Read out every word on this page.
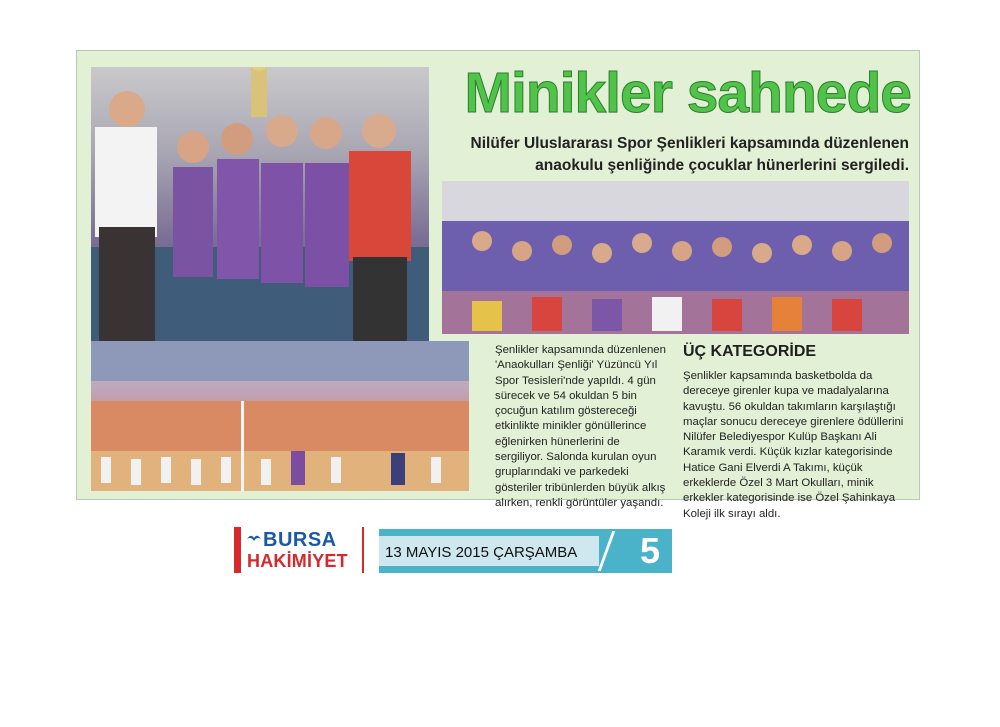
Minikler sahnede
Nilüfer Uluslararası Spor Şenlikleri kapsamında düzenlenen anaokulu şenliğinde çocuklar hünerlerini sergiledi.
Şenlikler kapsamında düzenlenen 'Anaokulları Şenliği' Yüzüncü Yıl Spor Tesisleri'nde yapıldı. 4 gün sürecek ve 54 okuldan 5 bin çocuğun katılım göstereceği etkinlikte minikler gönüllerince eğlenirken hünerlerini de sergiliyor. Salonda kurulan oyun gruplarındaki ve parkedeki gösteriler tribünlerden büyük alkış alırken, renkli görüntüler yaşandı.
ÜÇ KATEGORİDE
Şenlikler kapsamında basketbolda da dereceye girenler kupa ve madalyalarına kavuştu. 56 okuldan takımların karşılaştığı maçlar sonucu dereceye girenlere ödüllerini Nilüfer Belediyespor Kulüp Başkanı Ali Karamık verdi. Küçük kızlar kategorisinde Hatice Gani Elverdi A Takımı, küçük erkeklerde Özel 3 Mart Okulları, minik erkekler kategorisinde ise Özel Şahinkaya Koleji ilk sırayı aldı.
BURSA
HAKİMİYET 13 MAYIS 2015 ÇARŞAMBA 5
